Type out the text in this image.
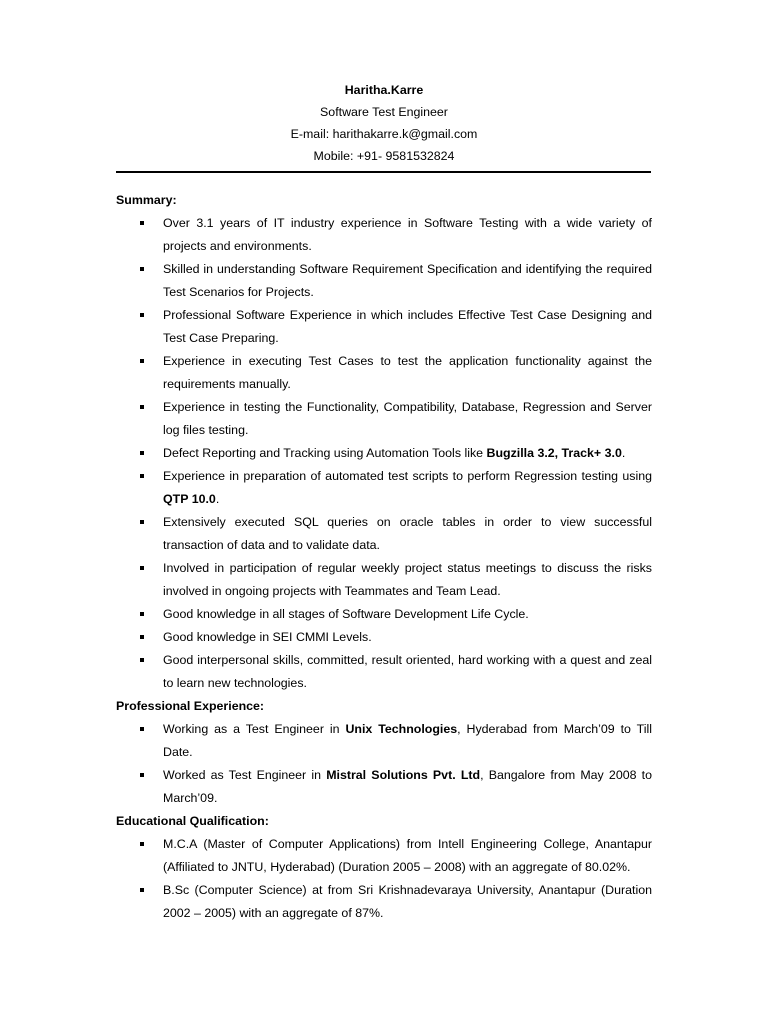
Haritha.Karre
Software Test Engineer
E-mail: harithakarre.k@gmail.com
Mobile: +91- 9581532824
Summary:
Over 3.1 years of IT industry experience in Software Testing with a wide variety of projects and environments.
Skilled in understanding Software Requirement Specification and identifying the required Test Scenarios for Projects.
Professional Software Experience in which includes Effective Test Case Designing and Test Case Preparing.
Experience in executing Test Cases to test the application functionality against the requirements manually.
Experience in testing the Functionality, Compatibility, Database, Regression and Server log files testing.
Defect Reporting and Tracking using Automation Tools like Bugzilla 3.2, Track+ 3.0.
Experience in preparation of automated test scripts to perform Regression testing using QTP 10.0.
Extensively executed SQL queries on oracle tables in order to view successful transaction of data and to validate data.
Involved in participation of regular weekly project status meetings to discuss the risks involved in ongoing projects with Teammates and Team Lead.
Good knowledge in all stages of Software Development Life Cycle.
Good knowledge in SEI CMMI Levels.
Good interpersonal skills, committed, result oriented, hard working with a quest and zeal to learn new technologies.
Professional Experience:
Working as a Test Engineer in Unix Technologies, Hyderabad from March’09 to Till Date.
Worked as Test Engineer in Mistral Solutions Pvt. Ltd, Bangalore from May 2008 to March’09.
Educational Qualification:
M.C.A (Master of Computer Applications) from Intell Engineering College, Anantapur (Affiliated to JNTU, Hyderabad) (Duration 2005 – 2008) with an aggregate of 80.02%.
B.Sc (Computer Science) at from Sri Krishnadevaraya University, Anantapur (Duration 2002 – 2005) with an aggregate of 87%.
